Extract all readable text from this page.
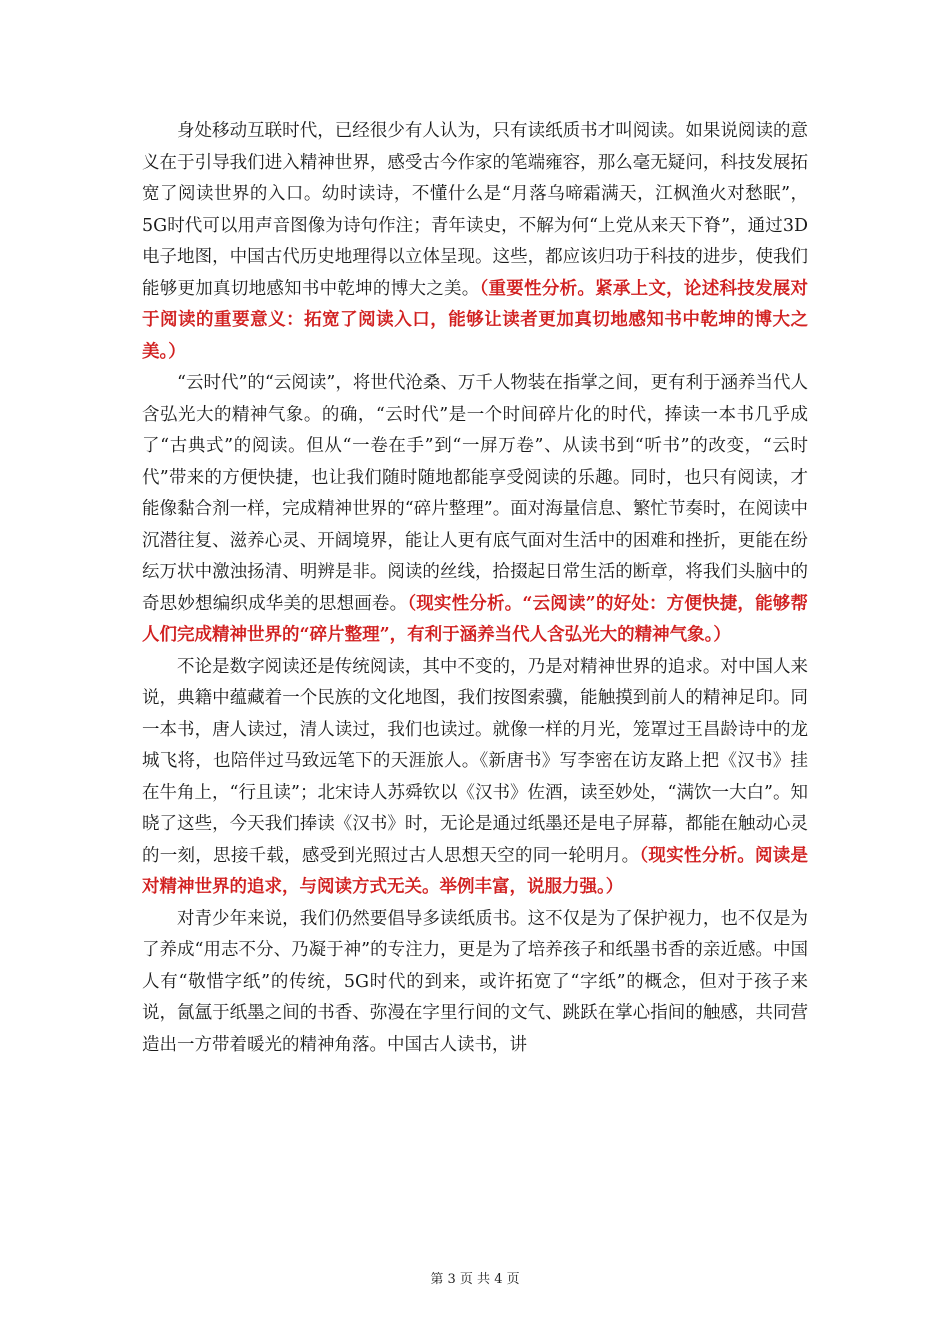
身处移动互联时代，已经很少有人认为，只有读纸质书才叫阅读。如果说阅读的意义在于引导我们进入精神世界，感受古今作家的笔端雍容，那么毫无疑问，科技发展拓宽了阅读世界的入口。幼时读诗，不懂什么是“月落乌啼霜满天，江枫渔火对愁眠”，5G时代可以用声音图像为诗句作注；青年读史，不解为何“上党从来天下脊”，通过3D电子地图，中国古代历史地理得以立体呈现。这些，都应该归功于科技的进步，使我们能够更加真切地感知书中乾坤的博大之美。（重要性分析。紧承上文，论述科技发展对于阅读的重要意义：拓宽了阅读入口，能够让读者更加真切地感知书中乾坤的博大之美。）

“云时代”的“云阅读”，将世代沧桑、万千人物装在指掌之间，更有利于涵养当代人含弘光大的精神气象。的确，“云时代”是一个时间碎片化的时代，捧读一本书几乎成了“古典式”的阅读。但从“一卷在手”到“一屏万卷”、从读书到“听书”的改变，“云时代”带来的方便快捷，也让我们随时随地都能享受阅读的乐趣。同时，也只有阅读，才能像黏合剂一样，完成精神世界的“碎片整理”。面对海量信息、繁忙节奏时，在阅读中沉潜往复、滋养心灵、开阔境界，能让人更有底气面对生活中的困难和挫折，更能在纷纭万状中激浊扬清、明辨是非。阅读的丝线，拾掇起日常生活的断章，将我们头脑中的奇思妙想编织成华美的思想画卷。（现实性分析。“云阅读”的好处：方便快捷，能够帮人们完成精神世界的“碎片整理”，有利于涵养当代人含弘光大的精神气象。）

不论是数字阅读还是传统阅读，其中不变的，乃是对精神世界的追求。对中国人来说，典籍中蕴藏着一个民族的文化地图，我们按图索骥，能触摸到前人的精神足印。同一本书，唐人读过，清人读过，我们也读过。就像一样的月光，笼罩过王昌龄诗中的龙城飞将，也陪伴过马致远笔下的天涯旅人。《新唐书》写李密在访友路上把《汉书》挂在牛角上，“行且读”；北宋诗人苏舜钦以《汉书》佐酒，读至妙处，“满饮一大白”。知晓了这些，今天我们捧读《汉书》时，无论是通过纸墨还是电子屏幕，都能在触动心灵的一刻，思接千载，感受到光照过古人思想天空的同一轮明月。（现实性分析。阅读是对精神世界的追求，与阅读方式无关。举例丰富，说服力强。）

对青少年来说，我们仍然要倡导多读纸质书。这不仅是为了保护视力，也不仅是为了养成“用志不分、乃凝于神”的专注力，更是为了培养孩子和纸墨书香的亲近感。中国人有“敬惜字纸”的传统，5G时代的到来，或许拓宽了“字纸”的概念，但对于孩子来说，氤氲于纸墨之间的书香、弥漫在字里行间的文气、跳跃在掌心指间的触感，共同营造出一方带着暖光的精神角落。中国古人读书，讲

第 3 页 共 4 页
